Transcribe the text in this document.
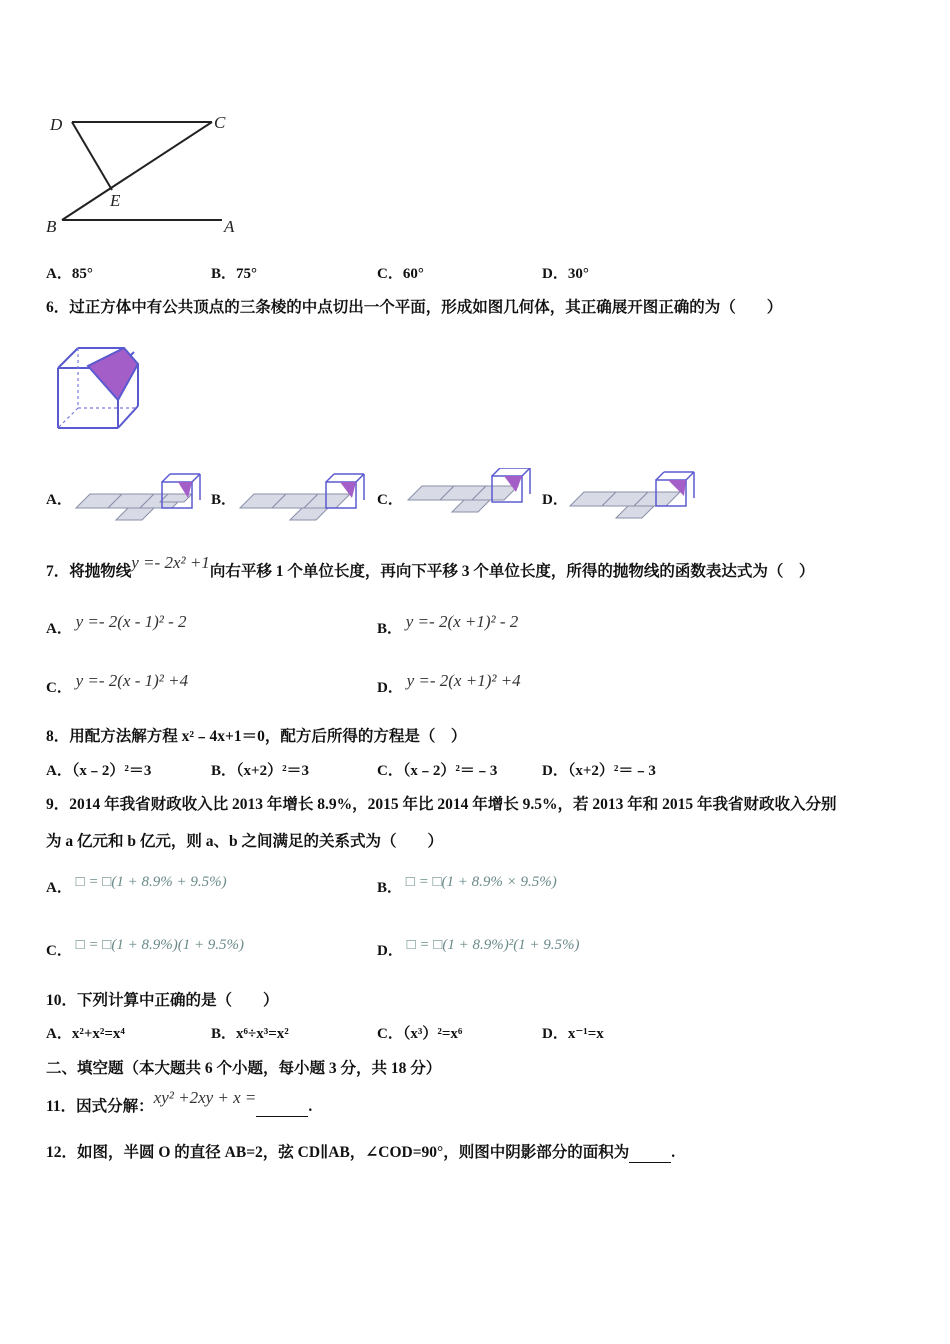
D	C
E
B	A
A．85°	B．75°	C．60°	D．30°
6．过正方体中有公共顶点的三条棱的中点切出一个平面，形成如图几何体，其正确展开图正确的为（　　）
A．	B．	C．	D．
7．将抛物线y =- 2x² +1向右平移 1 个单位长度，再向下平移 3 个单位长度，所得的抛物线的函数表达式为（　）
A． y =- 2(x - 1)² - 2	B． y =- 2(x +1)² - 2
C． y =- 2(x - 1)² +4	D． y =- 2(x +1)² +4
8．用配方法解方程 x²﹣4x+1＝0，配方后所得的方程是（　）
A．（x﹣2）²＝3	B．（x+2）²＝3	C．（x﹣2）²＝﹣3	D．（x+2）²＝﹣3
9．2014 年我省财政收入比 2013 年增长 8.9%，2015 年比 2014 年增长 9.5%，若 2013 年和 2015 年我省财政收入分别
为 a 亿元和 b 亿元，则 a、b 之间满足的关系式为（　　）
A． □ = □(1 + 8.9% + 9.5%)	B． □ = □(1 + 8.9% × 9.5%)
C． □ = □(1 + 8.9%)(1 + 9.5%)	D． □ = □(1 + 8.9%)²(1 + 9.5%)
10．下列计算中正确的是（　　）
A．x²+x²=x⁴	B．x⁶÷x³=x²	C．（x³）²=x⁶	D．x⁻¹=x
二、填空题（本大题共 6 个小题，每小题 3 分，共 18 分）
11．因式分解：xy² +2xy + x =	.
12．如图，半圆 O 的直径 AB=2，弦 CD∥AB，∠COD=90°，则图中阴影部分的面积为	.
